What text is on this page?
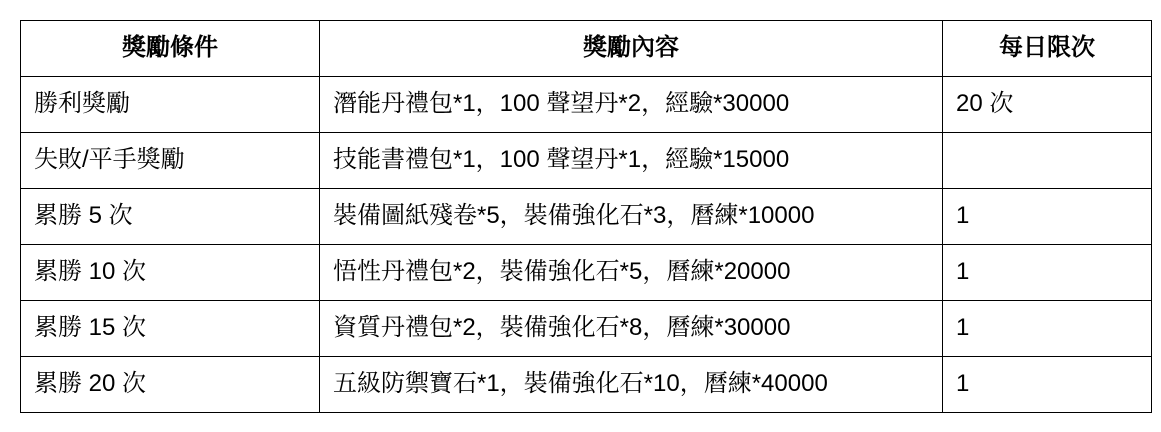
獎勵條件	獎勵內容	每日限次
勝利獎勵	潛能丹禮包*1，100 聲望丹*2，經驗*30000	20 次
失敗/平手獎勵	技能書禮包*1，100 聲望丹*1，經驗*15000	
累勝 5 次	裝備圖紙殘卷*5，裝備強化石*3，曆練*10000	1
累勝 10 次	悟性丹禮包*2，裝備強化石*5，曆練*20000	1
累勝 15 次	資質丹禮包*2，裝備強化石*8，曆練*30000	1
累勝 20 次	五級防禦寶石*1，裝備強化石*10，曆練*40000	1
